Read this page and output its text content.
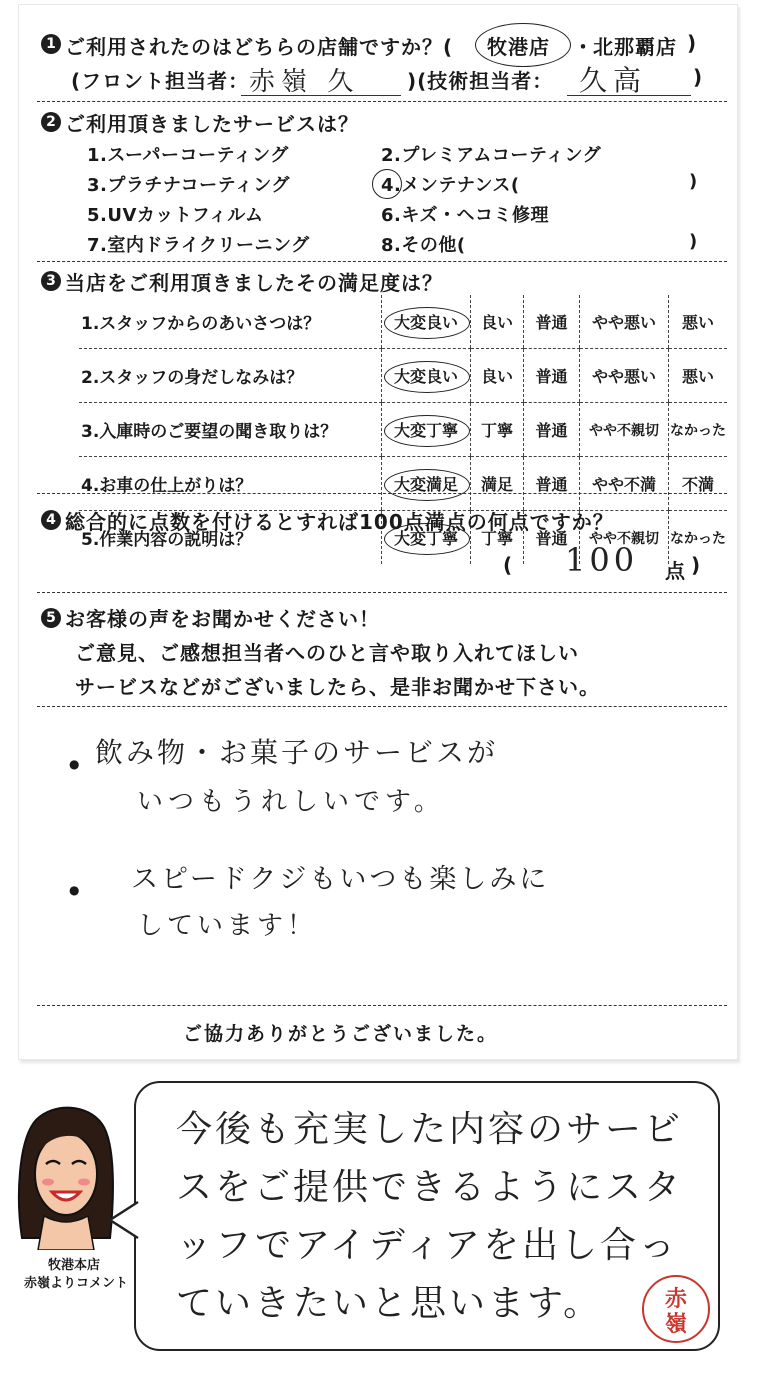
1 ご利用されたのはどちらの店舗ですか？( 牧港店 ・ 北那覇店 )
(フロント担当者： 赤嶺 久 )(技術担当者： 久高 )
2 ご利用頂きましたサービスは？
1.スーパーコーティング	2.プレミアムコーティング
3.プラチナコーティング	4.メンテナンス(	)
5.UVカットフィルム	6.キズ・ヘコミ修理
7.室内ドライクリーニング	8.その他(	)
3 当店をご利用頂きましたその満足度は？
1.スタッフからのあいさつは？	大変良い	良い	普通	やや悪い	悪い
2.スタッフの身だしなみは？	大変良い	良い	普通	やや悪い	悪い
3.入庫時のご要望の聞き取りは？	大変丁寧	丁寧	普通	やや不親切	なかった
4.お車の仕上がりは？	大変満足	満足	普通	やや不満	不満
5.作業内容の説明は？	大変丁寧	丁寧	普通	やや不親切	なかった
4 総合的に点数を付けるとすれば100点満点の何点ですか？
( 100 点 )
5 お客様の声をお聞かせください！
ご意見、ご感想担当者へのひと言や取り入れてほしい
サービスなどがございましたら、是非お聞かせ下さい。
● 飲み物・お菓子のサービスが
いつもうれしいです。
● スピードクジもいつも楽しみに
しています！
ご協力ありがとうございました。
牧港本店
赤嶺よりコメント
今後も充実した内容のサービスをご提供できるようにスタッフでアイディアを出し合っていきたいと思います。	赤
嶺
